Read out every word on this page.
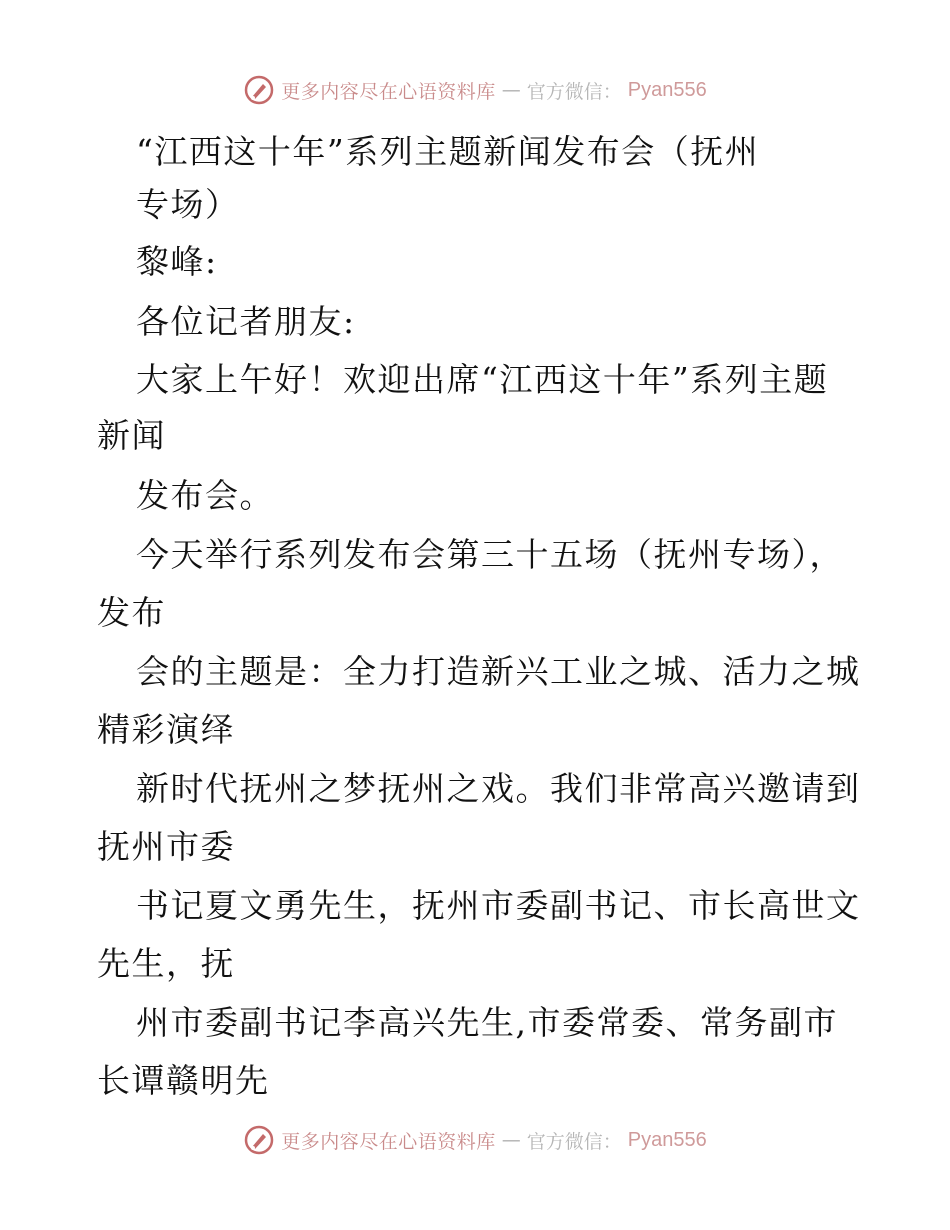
更多内容尽在心语资料库 — 官方微信： Pyan556
“江西这十年”系列主题新闻发布会（抚州
专场）
黎峰:
各位记者朋友:
大家上午好！欢迎出席“江西这十年”系列主题
新闻
发布会。
今天举行系列发布会第三十五场（抚州专场），
发布
会的主题是：全力打造新兴工业之城、活力之城
精彩演绎
新时代抚州之梦抚州之戏。我们非常高兴邀请到
抚州市委
书记夏文勇先生，抚州市委副书记、市长高世文
先生，抚
州市委副书记李高兴先生,市委常委、常务副市
长谭赣明先
更多内容尽在心语资料库 — 官方微信： Pyan556
